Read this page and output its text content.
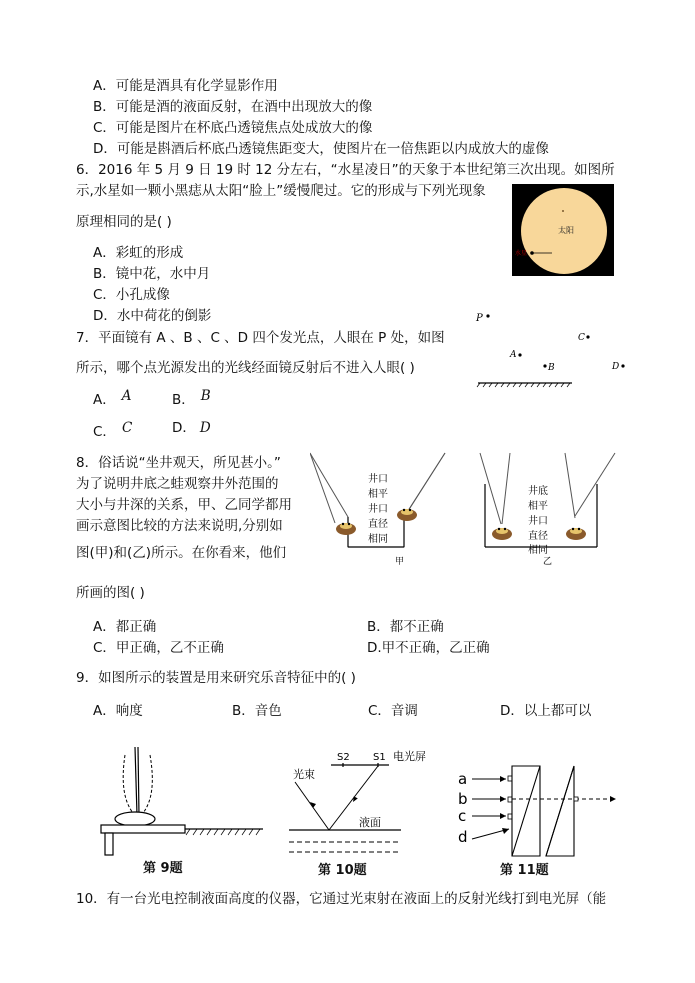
A．可能是酒具有化学显影作用
B．可能是酒的液面反射，在酒中出现放大的像
C．可能是图片在杯底凸透镜焦点处成放大的像
D．可能是斟酒后杯底凸透镜焦距变大，使图片在一倍焦距以内成放大的虚像
6．2016 年 5 月 9 日 19 时 12 分左右，“水星凌日”的天象于本世纪第三次出现。如图所
示,水星如一颗小黑痣从太阳“脸上”缓慢爬过。它的形成与下列光现象
原理相同的是( )
A．彩虹的形成
B．镜中花，水中月
C．小孔成像
D．水中荷花的倒影
太阳
水星
7．平面镜有 A 、B 、C 、D 四个发光点，人眼在 P 处，如图
所示，哪个点光源发出的光线经面镜反射后不进入人眼( )
A． A	B． B
C． C	D． D
P
C
A
B	D
8．俗话说“坐井观天，所见甚小。”
为了说明井底之蛙观察井外范围的
大小与井深的关系，甲、乙同学都用
画示意图比较的方法来说明,分别如
图(甲)和(乙)所示。在你看来，他们
所画的图( )
A．都正确	B．都不正确
C．甲正确，乙不正确	D.甲不正确，乙正确
井口
相平
井口
直径
相同
甲
井底
相平
井口
直径
相同
乙
9．如图所示的装置是用来研究乐音特征中的( )
A．响度	B．音色	C．音调	D．以上都可以
第 9题
S2 S1 电光屏
光束
液面
第 10题
a
b
c
d
第 11题
10．有一台光电控制液面高度的仪器，它通过光束射在液面上的反射光线打到电光屏（能
